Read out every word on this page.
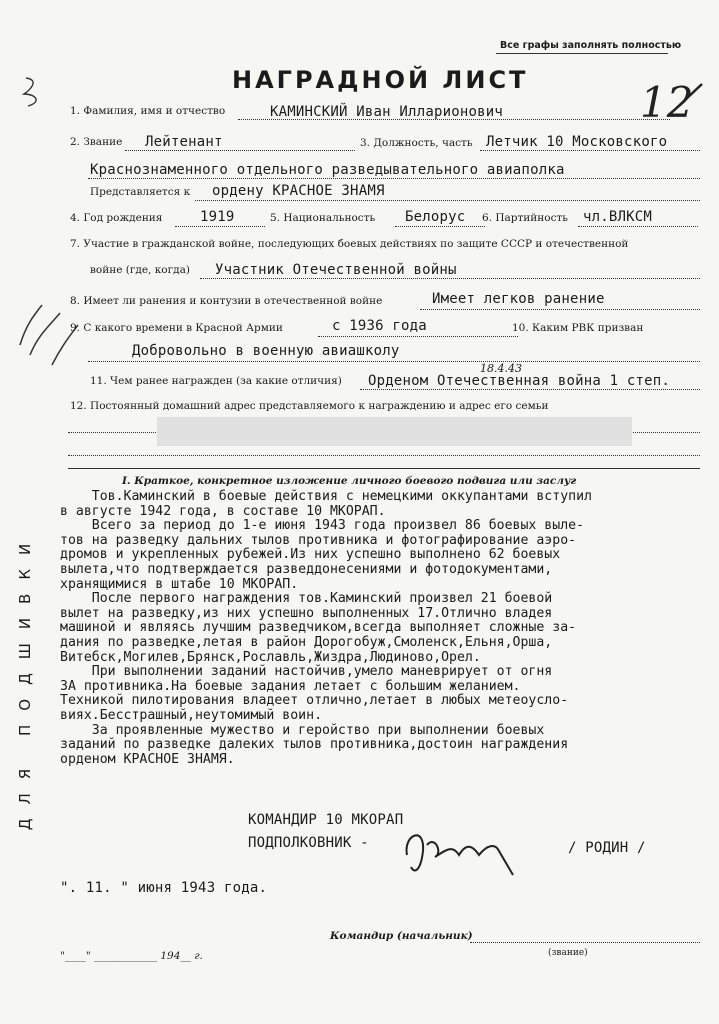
Все графы заполнять полностью
НАГРАДНОЙ ЛИСТ	12
ДЛЯ ПОДШИВКИ
1. Фамилия, имя и отчество	КАМИНСКИЙ Иван Илларионович
2. Звание Лейтенант	3. Должность, часть Летчик 10 Московского
Краснознаменного отдельного разведывательного авиаполка
Представляется к ордену КРАСНОЕ ЗНАМЯ
4. Год рождения	1919	5. Национальность Белорус 6. Партийность чл.ВЛКСМ
7. Участие в гражданской войне, последующих боевых действиях по защите СССР и отечественной
войне (где, когда) Участник Отечественной войны
8. Имеет ли ранения и контузии в отечественной войне	Имеет легков ранение
9. С какого времени в Красной Армии	с 1936 года	10. Каким РВК призван
Добровольно в военную авиашколу
18.4.43
11. Чем ранее награжден (за какие отличия) Орденом Отечественная война 1 степ.
12. Постоянный домашний адрес представляемого к награждению и адрес его семьи
I. Краткое, конкретное изложение личного боевого подвига или заслуг

Тов.Каминский в боевые действия с немецкими оккупантами вступил

в августе 1942 года, в составе 10 МКОРАП.

Всего за период до 1-е июня 1943 года произвел 86 боевых выле-

тов на разведку дальних тылов противника и фотографирование аэро-

дромов и укрепленных рубежей.Из них успешно выполнено 62 боевых

вылета,что подтверждается разведдонесениями и фотодокументами,

хранящимися в штабе 10 МКОРАП.

После первого награждения тов.Каминский произвел 21 боевой

вылет на разведку,из них успешно выполненных 17.Отлично владея

машиной и являясь лучшим разведчиком,всегда выполняет сложные за-

дания по разведке,летая в район Дорогобуж,Смоленск,Ельня,Орша,

Витебск,Могилев,Брянск,Рославль,Жиздра,Людиново,Орел.

При выполнении заданий настойчив,умело маневрирует от огня

ЗА противника.На боевые задания летает с большим желанием.

Техникой пилотирования владеет отлично,летает в любых метеоусло-

виях.Бесстрашный,неутомимый воин.

За проявленные мужество и геройство при выполнении боевых

заданий по разведке далеких тылов противника,достоин награждения

орденом КРАСНОЕ ЗНАМЯ.

КОМАНДИР 10 МКОРАП
ПОДПОЛКОВНИК -	/ РОДИН /
". 11. " июня 1943 года.
Командир (начальник)
"____" ____________ 194__ г.	(звание)
